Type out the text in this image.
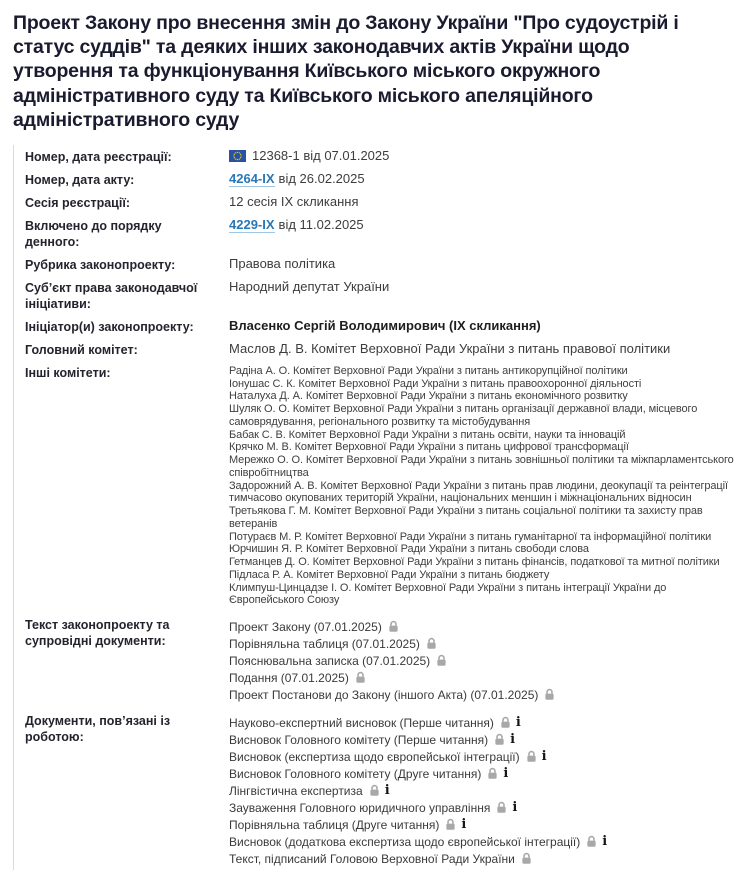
Проект Закону про внесення змін до Закону України "Про судоустрій і статус суддів" та деяких інших законодавчих актів України щодо утворення та функціонування Київського міського окружного адміністративного суду та Київського міського апеляційного адміністративного суду
Номер, дата реєстрації:	12368-1 від 07.01.2025
Номер, дата акту:	4264-IX від 26.02.2025
Сесія реєстрації:	12 сесія IX скликання
Включено до порядку денного:
4229-IX від 11.02.2025
Рубрика законопроекту:	Правова політика
Суб’єкт права законодавчої ініціативи:
Народний депутат України
Ініціатор(и) законопроекту:	Власенко Сергій Володимирович (IX скликання)
Головний комітет:	Маслов Д. В. Комітет Верховної Ради України з питань правової політики
Інші комітети:	Радіна А. О. Комітет Верховної Ради України з питань антикорупційної політики
Іонушас С. К. Комітет Верховної Ради України з питань правоохоронної діяльності
Наталуха Д. А. Комітет Верховної Ради України з питань економічного розвитку
Шуляк О. О. Комітет Верховної Ради України з питань організації державної влади, місцевого самоврядування, регіонального розвитку та містобудування
Бабак С. В. Комітет Верховної Ради України з питань освіти, науки та інновацій
Крячко М. В. Комітет Верховної Ради України з питань цифрової трансформації
Мережко О. О. Комітет Верховної Ради України з питань зовнішньої політики та міжпарламентського співробітництва
Задорожний А. В. Комітет Верховної Ради України з питань прав людини, деокупації та реінтеграції тимчасово окупованих територій України, національних меншин і міжнаціональних відносин
Третьякова Г. М. Комітет Верховної Ради України з питань соціальної політики та захисту прав ветеранів
Потураєв М. Р. Комітет Верховної Ради України з питань гуманітарної та інформаційної політики
Юрчишин Я. Р. Комітет Верховної Ради України з питань свободи слова
Гетманцев Д. О. Комітет Верховної Ради України з питань фінансів, податкової та митної політики
Підласа Р. А. Комітет Верховної Ради України з питань бюджету
Климпуш-Цинцадзе І. О. Комітет Верховної Ради України з питань інтеграції України до Європейського Союзу
Текст законопроекту та супровідні документи:
Проект Закону (07.01.2025)
Порівняльна таблиця (07.01.2025)
Пояснювальна записка (07.01.2025)
Подання (07.01.2025)
Проект Постанови до Закону (іншого Акта) (07.01.2025)
Документи, пов’язані із роботою:
Науково-експертний висновок (Перше читання) i
Висновок Головного комітету (Перше читання) i
Висновок (експертиза щодо європейської інтеграції) i
Висновок Головного комітету (Друге читання) i
Лінгвістична експертиза i
Зауваження Головного юридичного управління i
Порівняльна таблиця (Друге читання) i
Висновок (додаткова експертиза щодо європейської інтеграції) i
Текст, підписаний Головою Верховної Ради України
